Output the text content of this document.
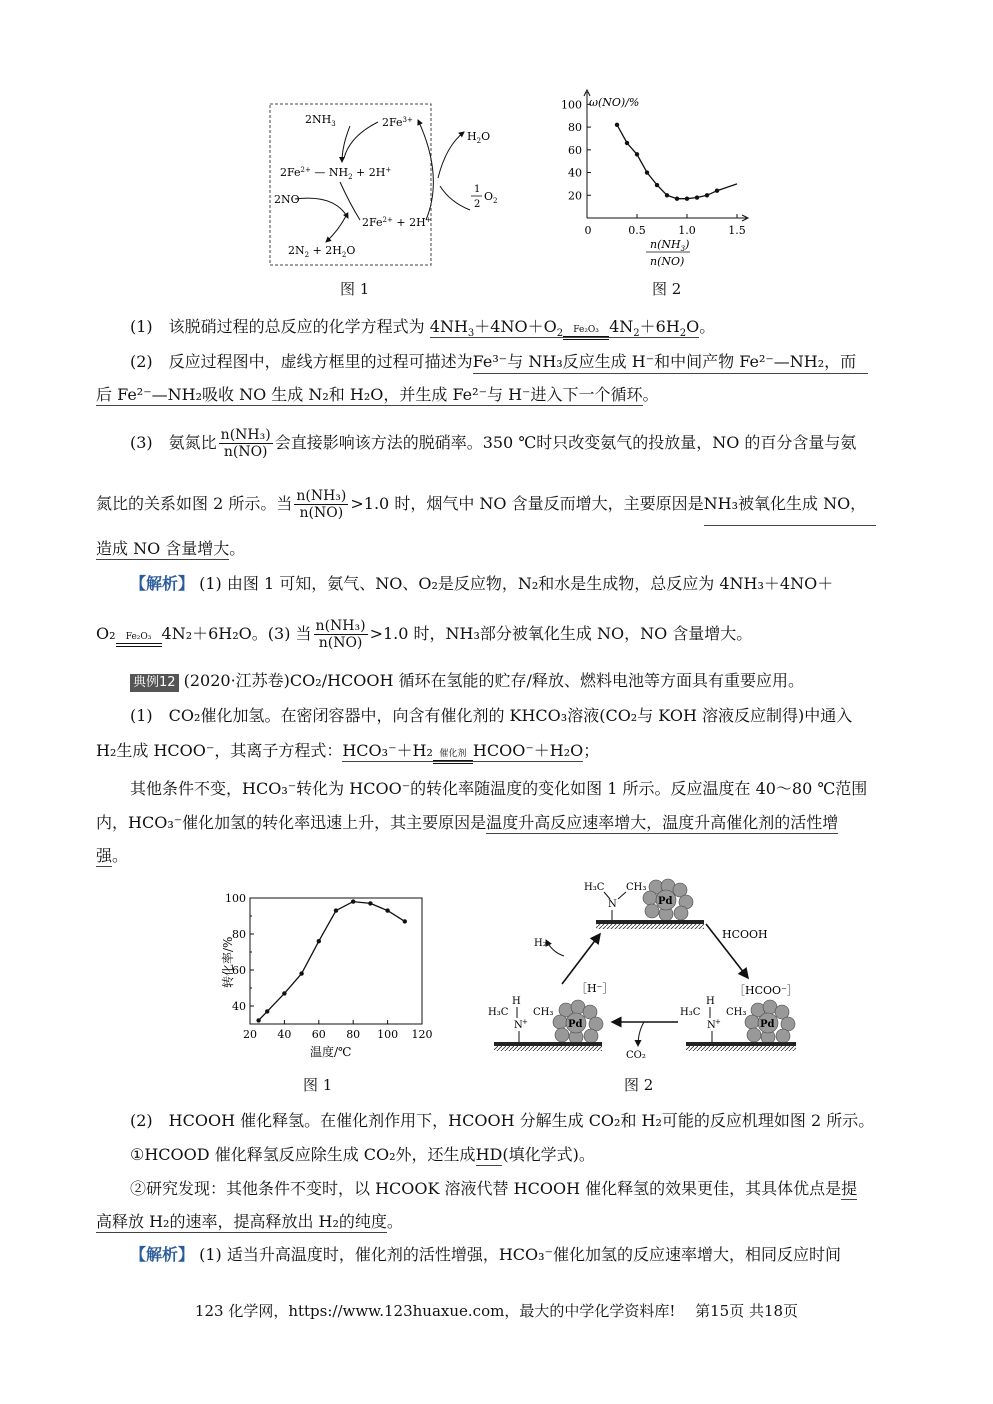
$2NH_3$	$2Fe^{3+}$
$2Fe^{2+}$ — $NH_2 + 2H^+$
2NO
$2Fe^{2+} + 2H^+$
$2N_2 + 2H_2O$
$H_2O$
1
2
$O_2$
图 1
ω(NO)/%
100
80
60
40
20
0	0.5	1.0	1.5
$n(NH_3)$
n(NO)
图 2
(1)　该脱硝过程的总反应的化学方程式为 $4NH_3+4NO+O_2$	Fe₂O₃ $4N_2+6H_2O$。
(2)　反应过程图中，虚线方框里的过程可描述为Fe³⁻与 NH₃反应生成 H⁻和中间产物 Fe²⁻—NH₂，而
后 Fe²⁻—NH₂吸收 NO 生成 N₂和 H₂O，并生成 Fe²⁻与 H⁻进入下一个循环。
(3)　氨氮比 $\frac{\text{n(NH₃)}}{n(NO)}$ 会直接影响该方法的脱硝率。350 ℃时只改变氨气的投放量，NO 的百分含量与氨
氮比的关系如图 2 所示。当 $\frac{\text{n(NH₃)}}{n(NO)} >1.0$ 时，烟气中 NO 含量反而增大，主要原因是NH₃被氧化生成 NO，
造成 NO 含量增大。
【解析】 (1) 由图 1 可知，氨气、NO、O₂是反应物，N₂和水是生成物，总反应为 4NH₃＋4NO＋
O₂	Fe₂O₃ 4N₂＋6H₂O。(3) 当 $\frac{\text{n(NH₃)}}{n(NO)} >1.0$ 时，NH₃部分被氧化生成 NO，NO 含量增大。
典例12 (2020·江苏卷)CO₂/HCOOH 循环在氢能的贮存/释放、燃料电池等方面具有重要应用。
(1)　CO₂催化加氢。在密闭容器中，向含有催化剂的 KHCO₃溶液(CO₂与 KOH 溶液反应制得)中通入
H₂生成 HCOO⁻，其离子方程式：HCO₃⁻＋H₂ 催化剂 HCOO⁻＋H₂O；
其他条件不变，HCO₃⁻转化为 HCOO⁻的转化率随温度的变化如图 1 所示。反应温度在 40～80 ℃范围
内，HCO₃⁻催化加氢的转化率迅速上升，其主要原因是温度升高反应速率增大，温度升高催化剂的活性增
强。
100
80
60
40
20 40 60 80 100 120
转化率/%
温度/℃
图 1
H₃C CH₃
N	Pd
H₃C
H
CH₃
N +
［H⁻］
Pd
H₃C
H
CH₃
N +
［HCOO⁻］
Pd
HCOOH
CO₂
H₂
图 2
(2)　HCOOH 催化释氢。在催化剂作用下，HCOOH 分解生成 CO₂和 H₂可能的反应机理如图 2 所示。
①HCOOD 催化释氢反应除生成 CO₂外，还生成HD(填化学式)。
②研究发现：其他条件不变时，以 HCOOK 溶液代替 HCOOH 催化释氢的效果更佳，其具体优点是提
高释放 H₂的速率，提高释放出 H₂的纯度。
【解析】 (1) 适当升高温度时，催化剂的活性增强，HCO₃⁻催化加氢的反应速率增大，相同反应时间
123 化学网，https://www.123huaxue.com，最大的中学化学资料库!　 第15页 共18页
